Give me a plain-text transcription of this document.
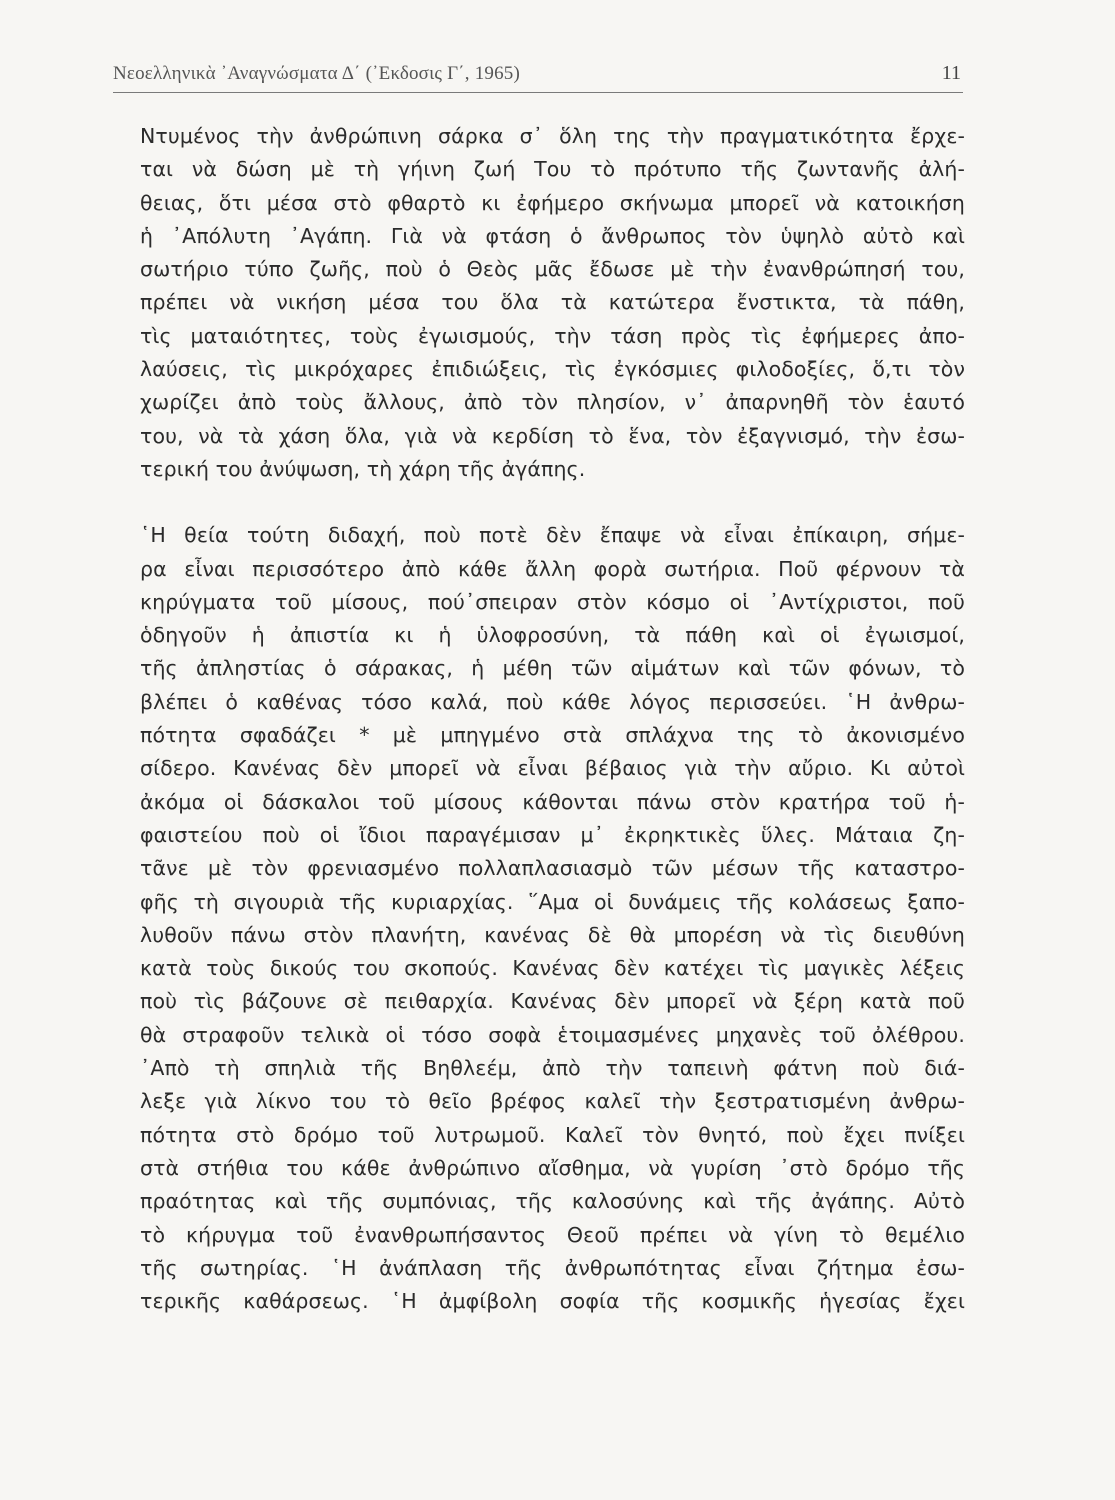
Νεοελληνικὰ ᾿Αναγνώσματα Δ΄ (᾿Εκδοσις Γ΄, 1965)	11
Ντυμένος τὴν ἀνθρώπινη σάρκα σ᾿ ὅλη της τὴν πραγματικότητα ἔρχε-
ται νὰ δώση μὲ τὴ γήινη ζωή Του τὸ πρότυπο τῆς ζωντανῆς ἀλή-
θειας, ὅτι μέσα στὸ φθαρτὸ κι ἐφήμερο σκήνωμα μπορεῖ νὰ κατοικήση
ἡ ᾿Απόλυτη ᾿Αγάπη. Γιὰ νὰ φτάση ὁ ἄνθρωπος τὸν ὑψηλὸ αὐτὸ καὶ
σωτήριο τύπο ζωῆς, ποὺ ὁ Θεὸς μᾶς ἔδωσε μὲ τὴν ἐνανθρώπησή του,
πρέπει νὰ νικήση μέσα του ὅλα τὰ κατώτερα ἔνστικτα, τὰ πάθη,
τὶς ματαιότητες, τοὺς ἐγωισμούς, τὴν τάση πρὸς τὶς ἐφήμερες ἀπο-
λαύσεις, τὶς μικρόχαρες ἐπιδιώξεις, τὶς ἐγκόσμιες φιλοδοξίες, ὅ,τι τὸν
χωρίζει ἀπὸ τοὺς ἄλλους, ἀπὸ τὸν πλησίον, ν᾿ ἀπαρνηθῆ τὸν ἑαυτό
του, νὰ τὰ χάση ὅλα, γιὰ νὰ κερδίση τὸ ἕνα, τὸν ἐξαγνισμό, τὴν ἐσω-
τερική του ἀνύψωση, τὴ χάρη τῆς ἀγάπης.
῾Η θεία τούτη διδαχή, ποὺ ποτὲ δὲν ἔπαψε νὰ εἶναι ἐπίκαιρη, σήμε-
ρα εἶναι περισσότερο ἀπὸ κάθε ἄλλη φορὰ σωτήρια. Ποῦ φέρνουν τὰ
κηρύγματα τοῦ μίσους, πού᾿σπειραν στὸν κόσμο οἱ ᾿Αντίχριστοι, ποῦ
ὁδηγοῦν ἡ ἀπιστία κι ἡ ὑλοφροσύνη, τὰ πάθη καὶ οἱ ἐγωισμοί,
τῆς ἀπληστίας ὁ σάρακας, ἡ μέθη τῶν αἱμάτων καὶ τῶν φόνων, τὸ
βλέπει ὁ καθένας τόσο καλά, ποὺ κάθε λόγος περισσεύει. ῾Η ἀνθρω-
πότητα σφαδάζει * μὲ μπηγμένο στὰ σπλάχνα της τὸ ἀκονισμένο
σίδερο. Κανένας δὲν μπορεῖ νὰ εἶναι βέβαιος γιὰ τὴν αὔριο. Κι αὐτοὶ
ἀκόμα οἱ δάσκαλοι τοῦ μίσους κάθονται πάνω στὸν κρατήρα τοῦ ἡ-
φαιστείου ποὺ οἱ ἴδιοι παραγέμισαν μ᾿ ἐκρηκτικὲς ὕλες. Μάταια ζη-
τᾶνε μὲ τὸν φρενιασμένο πολλαπλασιασμὸ τῶν μέσων τῆς καταστρο-
φῆς τὴ σιγουριὰ τῆς κυριαρχίας. ῞Αμα οἱ δυνάμεις τῆς κολάσεως ξαπο-
λυθοῦν πάνω στὸν πλανήτη, κανένας δὲ θὰ μπορέση νὰ τὶς διευθύνη
κατὰ τοὺς δικούς του σκοπούς. Κανένας δὲν κατέχει τὶς μαγικὲς λέξεις
ποὺ τὶς βάζουνε σὲ πειθαρχία. Κανένας δὲν μπορεῖ νὰ ξέρη κατὰ ποῦ
θὰ στραφοῦν τελικὰ οἱ τόσο σοφὰ ἑτοιμασμένες μηχανὲς τοῦ ὀλέθρου.
᾿Απὸ τὴ σπηλιὰ τῆς Βηθλεέμ, ἀπὸ τὴν ταπεινὴ φάτνη ποὺ διά-
λεξε γιὰ λίκνο του τὸ θεῖο βρέφος καλεῖ τὴν ξεστρατισμένη ἀνθρω-
πότητα στὸ δρόμο τοῦ λυτρωμοῦ. Καλεῖ τὸν θνητό, ποὺ ἔχει πνίξει
στὰ στήθια του κάθε ἀνθρώπινο αἴσθημα, νὰ γυρίση ᾿στὸ δρόμο τῆς
πραότητας καὶ τῆς συμπόνιας, τῆς καλοσύνης καὶ τῆς ἀγάπης. Αὐτὸ
τὸ κήρυγμα τοῦ ἐνανθρωπήσαντος Θεοῦ πρέπει νὰ γίνη τὸ θεμέλιο
τῆς σωτηρίας. ῾Η ἀνάπλαση τῆς ἀνθρωπότητας εἶναι ζήτημα ἐσω-
τερικῆς καθάρσεως. ῾Η ἀμφίβολη σοφία τῆς κοσμικῆς ἡγεσίας ἔχει
